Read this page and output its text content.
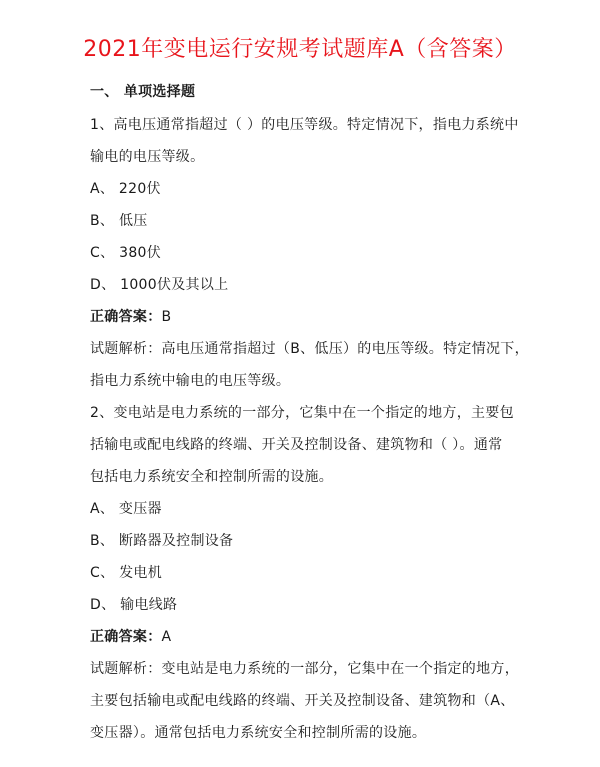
2021年变电运行安规考试题库A（含答案）
一、 单项选择题
1、高电压通常指超过（ ）的电压等级。特定情况下，指电力系统中
输电的电压等级。
A、 220伏
B、 低压
C、 380伏
D、 1000伏及其以上
正确答案：B
试题解析：高电压通常指超过（B、低压）的电压等级。特定情况下，
指电力系统中输电的电压等级。
2、变电站是电力系统的一部分，它集中在一个指定的地方，主要包
括输电或配电线路的终端、开关及控制设备、建筑物和（ ）。通常
包括电力系统安全和控制所需的设施。
A、 变压器
B、 断路器及控制设备
C、 发电机
D、 输电线路
正确答案：A
试题解析：变电站是电力系统的一部分，它集中在一个指定的地方，
主要包括输电或配电线路的终端、开关及控制设备、建筑物和（A、
变压器）。通常包括电力系统安全和控制所需的设施。
